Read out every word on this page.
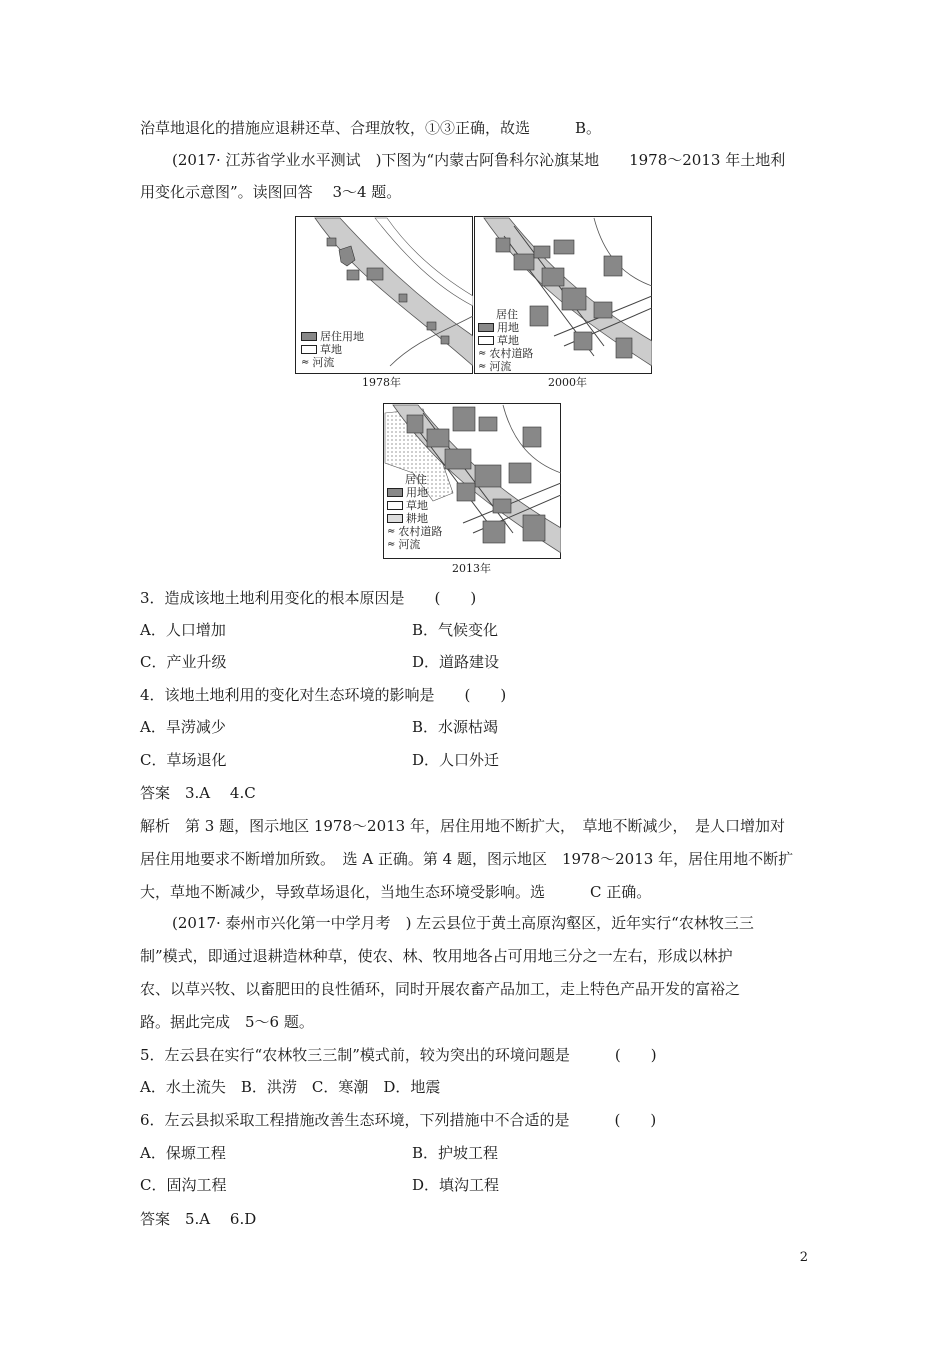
治草地退化的措施应退耕还草、合理放牧，①③正确，故选　　　B。
(2017· 江苏省学业水平测试　)下图为“内蒙古阿鲁科尔沁旗某地　　1978～2013 年土地利
用变化示意图”。读图回答　 3～4 题。
居住用地
草地
≈ 河流
1978年
居住
用地
草地
≈ 农村道路
≈ 河流
2000年
居住
用地
草地
耕地
≈ 农村道路
≈ 河流
2013年
3．造成该地土地利用变化的根本原因是　　(　　)
A．人口增加	B．气候变化
C．产业升级	D．道路建设
4．该地土地利用的变化对生态环境的影响是　　(　　)
A．旱涝减少	B．水源枯竭
C．草场退化	D．人口外迁
答案　3.A　 4.C
解析　第 3 题，图示地区 1978～2013 年，居住用地不断扩大，　草地不断减少，　是人口增加对
居住用地要求不断增加所致。　选 A 正确。第 4 题，图示地区　1978～2013 年，居住用地不断扩
大，草地不断减少，导致草场退化，当地生态环境受影响。选　　　C 正确。
(2017· 泰州市兴化第一中学月考　) 左云县位于黄土高原沟壑区，近年实行“农林牧三三
制”模式，即通过退耕造林种草，使农、林、牧用地各占可用地三分之一左右，形成以林护
农、以草兴牧、以畜肥田的良性循环，同时开展农畜产品加工，走上特色产品开发的富裕之
路。据此完成　5～6 题。
5．左云县在实行“农林牧三三制”模式前，较为突出的环境问题是　　　(　　)
A．水土流失　B．洪涝　C．寒潮　D．地震
6．左云县拟采取工程措施改善生态环境，下列措施中不合适的是　　　(　　)
A．保塬工程	B．护坡工程
C．固沟工程	D．填沟工程
答案　5.A　 6.D
2
